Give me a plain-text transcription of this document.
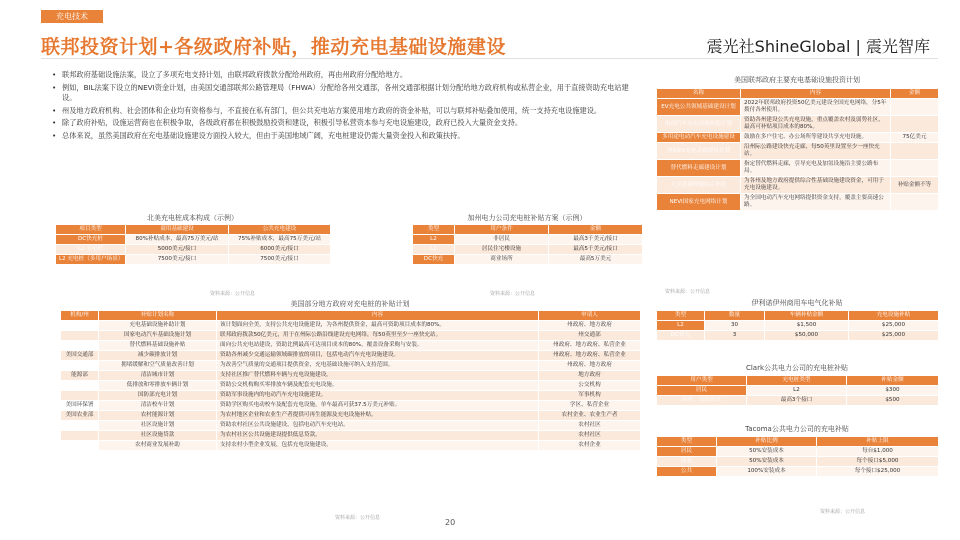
充电技术
联邦投资计划+各级政府补贴，推动充电基础设施建设	震光社ShineGlobal | 震光智库
• 联邦政府基础设施法案，设立了多项充电支持计划，由联邦政府拨款分配给州政府，再由州政府分配给地方。
• 例如，BIL法案下设立的NEVI资金计划，由美国交通部联邦公路管理局（FHWA）分配给各州交通部，各州交通部根据计划分配给地方政府机构或私营企业，用于直接资助充电站建设。
• 州及地方政府机构、社会团体和企业均有资格参与，不直接在私有部门，但公共充电站方案使用地方政府的资金补贴，可以与联邦补贴叠加使用，统一支持充电设施建设。
• 除了政府补贴，设施运营商也在积极争取，各级政府都在积极鼓励投资和建设，积极引导私营资本参与充电设施建设，政府已投入大量资金支持。
• 总体来说，虽然美国政府在充电基础设施建设方面投入较大，但由于美国地域广阔，充电桩建设仍需大量资金投入和政策扶持。
北美充电桩成本构成（示例）
项目类型	商用基础建设	公共充电建设
DC快充桩	80%补贴成本，最高75万美元/站	75%补贴成本，最高75万美元/站
L2 充电桩	5000美元/接口	6000美元/接口
L2 充电桩（多用户场景）	7500美元/接口	7500美元/接口
资料来源：公开信息
加州电力公司充电桩补贴方案（示例）
类型	用户条件	金额
L2	非居民	最高3千美元/接口
L2	居民住宅楼设施	最高5千美元/接口
DC快充	商业场所	最高5万美元
资料来源：公开信息
美国部分地方政府对充电桩的补贴计划
机构/州	补贴计划名称	内容	申请人
	充电基础设施补助计划	该计划面向全美，支持公共充电设施建设，为各州提供资金，最高可资助项目成本的80%。	州政府、地方政府
	国家电动汽车基础设施计划	联邦政府拨款50亿美元，用于在州际公路沿线建设充电网络，每50英里至少一座快充站。	州交通部
	替代燃料基础设施补贴	面向公共充电站建设，资助比例最高可达项目成本的80%，覆盖设备采购与安装。	州政府、地方政府、私营企业
美国交通部	减少碳排放计划	资助各州减少交通运输领域碳排放的项目，包括电动汽车充电设施建设。	州政府、地方政府、私营企业
	拥堵缓解和空气质量改善计划	为改善空气质量的交通项目提供资金，充电基础设施可纳入支持范围。	州政府、地方政府
能源部	清洁城市计划	支持社区推广替代燃料车辆与充电设施建设。	地方政府
	低排放和零排放车辆计划	资助公交机构购买零排放车辆及配套充电设施。	公交机构
	国防部充电计划	资助军事设施内的电动汽车充电设施建设。	军事机构
美国环保署	清洁校车计划	资助学区购买电动校车及配套充电设施，单车最高可获37.5万美元补贴。	学区、私营企业
美国农业部	农村能源计划	为农村地区企业和农业生产者提供可再生能源及充电设施补贴。	农村企业、农业生产者
	社区设施计划	资助农村社区公共设施建设，包括电动汽车充电站。	农村社区
	社区设施贷款	为农村社区公共设施建设提供低息贷款。	农村社区
	农村商业发展补助	支持农村小型企业发展，包括充电设施建设。	农村企业
资料来源：公开信息
美国联邦政府主要充电基础设施投资计划
名称	内容	金额
EV充电公共领域基础建设计划	2022年联邦政府投资50亿美元建设全国充电网络，分5年拨付各州使用。	
电动汽车充电设施补助计划	资助各州建设公共充电设施，重点覆盖农村及弱势社区，最高可补贴项目成本的80%。	
多用途电动汽车充电设施建设	鼓励在多户住宅、办公场所等建设共享充电设施。	75亿美元
州际EV充电走廊建设计划	沿州际公路建设快充走廊，每50英里设置至少一座快充站。	
替代燃料走廊建设计划	指定替代燃料走廊，引导充电及加氢设施沿主要公路布局。	
大众基础设施综合补助	为各州及地方政府提供综合性基础设施建设资金，可用于充电设施建设。	补贴金额不等
NEVI国家充电网络计划	为全国电动汽车充电网络提供资金支持，覆盖主要高速公路。	
资料来源：公开信息
伊利诺伊州商用车电气化补贴
类型	数量	车辆补贴金额	充电设施补贴
L2	30	$1,500	$25,000
DC快充	3	$50,000	$25,000
Clark公共电力公司的充电桩补贴
用户类型	充电桩类型	补贴金额
居民	L2	$300
商业、市政单位	最高3个接口	$500
Tacoma公共电力公司的充电补贴
类型	补贴比例	补贴上限
居民	50%安装成本	每台$1,000
商业	50%安装成本	每个接口$5,000
公共	100%安装成本	每个接口$25,000
资料来源：公开信息
20
